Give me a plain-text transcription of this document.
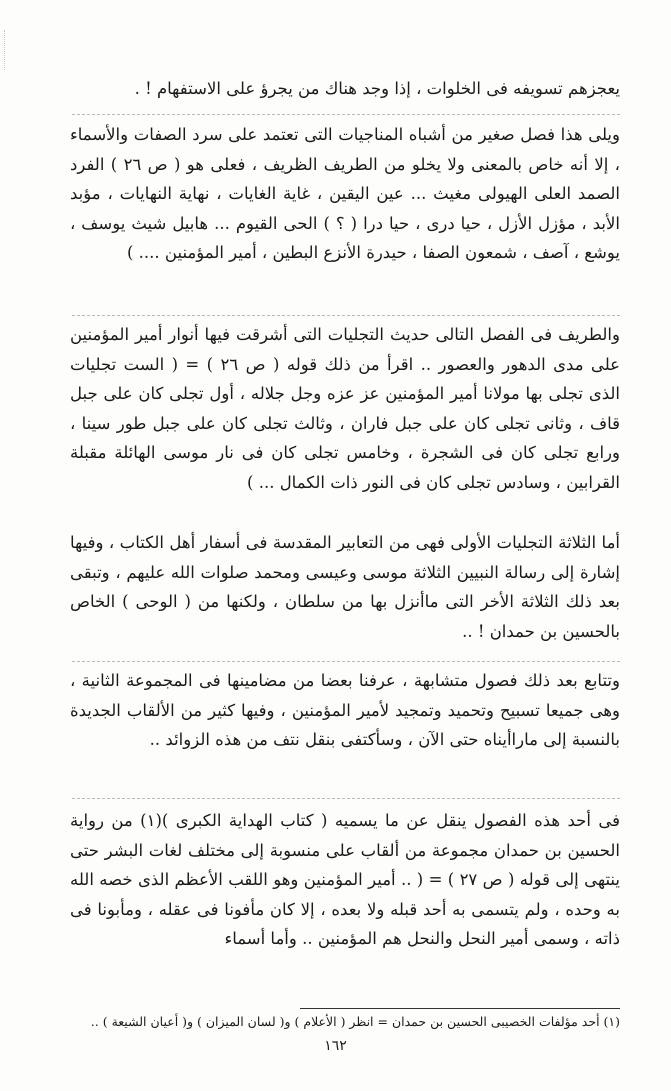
يعجزهم تسويفه فى الخلوات ، إذا وجد هناك من يجرؤ على الاستفهام ! .

ويلى هذا فصل صغير من أشباه المناجيات التى تعتمد على سرد الصفات والأسماء ، إلا أنه خاص بالمعنى ولا يخلو من الطريف الظريف ، فعلى هو ( ص ٢٦ ) الفرد الصمد العلى الهيولى مغيث ... عين اليقين ، غاية الغايات ، نهاية النهايات ، مؤبد الأبد ، مؤزل الأزل ، حيا درى ، حيا درا ( ؟ ) الحى القيوم ... هابيل شيث يوسف ، يوشع ، آصف ، شمعون الصفا ، حيدرة الأنزع البطين ، أمير المؤمنين .... )

والطريف فى الفصل التالى حديث التجليات التى أشرقت فيها أنوار أمير المؤمنين على مدى الدهور والعصور .. اقرأ من ذلك قوله ( ص ٢٦ ) = ( الست تجليات الذى تجلى بها مولانا أمير المؤمنين عز عزه وجل جلاله ، أول تجلى كان على جبل قاف ، وثانى تجلى كان على جبل فاران ، وثالث تجلى كان على جبل طور سينا ، ورابع تجلى كان فى الشجرة ، وخامس تجلى كان فى نار موسى الهائلة مقبلة القرابين ، وسادس تجلى كان فى النور ذات الكمال ... )

أما الثلاثة التجليات الأولى فهى من التعابير المقدسة فى أسفار أهل الكتاب ، وفيها إشارة إلى رسالة النبيين الثلاثة موسى وعيسى ومحمد صلوات الله عليهم ، وتبقى بعد ذلك الثلاثة الأخر التى ماأنزل بها من سلطان ، ولكنها من ( الوحى ) الخاص بالحسين بن حمدان ! ..

وتتابع بعد ذلك فصول متشابهة ، عرفنا بعضا من مضامينها فى المجموعة الثانية ، وهى جميعا تسبيح وتحميد وتمجيد لأمير المؤمنين ، وفيها كثير من الألقاب الجديدة بالنسبة إلى ماراأيناه حتى الآن ، وسأكتفى بنقل نتف من هذه الزوائد ..

فى أحد هذه الفصول ينقل عن ما يسميه ( كتاب الهداية الكبرى )(١) من رواية الحسين بن حمدان مجموعة من ألقاب على منسوبة إلى مختلف لغات البشر حتى ينتهى إلى قوله ( ص ٢٧ ) = ( .. أمير المؤمنين وهو اللقب الأعظم الذى خصه الله به وحده ، ولم يتسمى به أحد قبله ولا بعده ، إلا كان مأفونا فى عقله ، ومأبونا فى ذاته ، وسمى أمير النحل والنحل هم المؤمنين .. وأما أسماء

(١) أحد مؤلفات الخصيبى الحسين بن حمدان = انظر ( الأعلام ) و( لسان الميزان ) و( أعيان الشيعة ) ..
١٦٢
